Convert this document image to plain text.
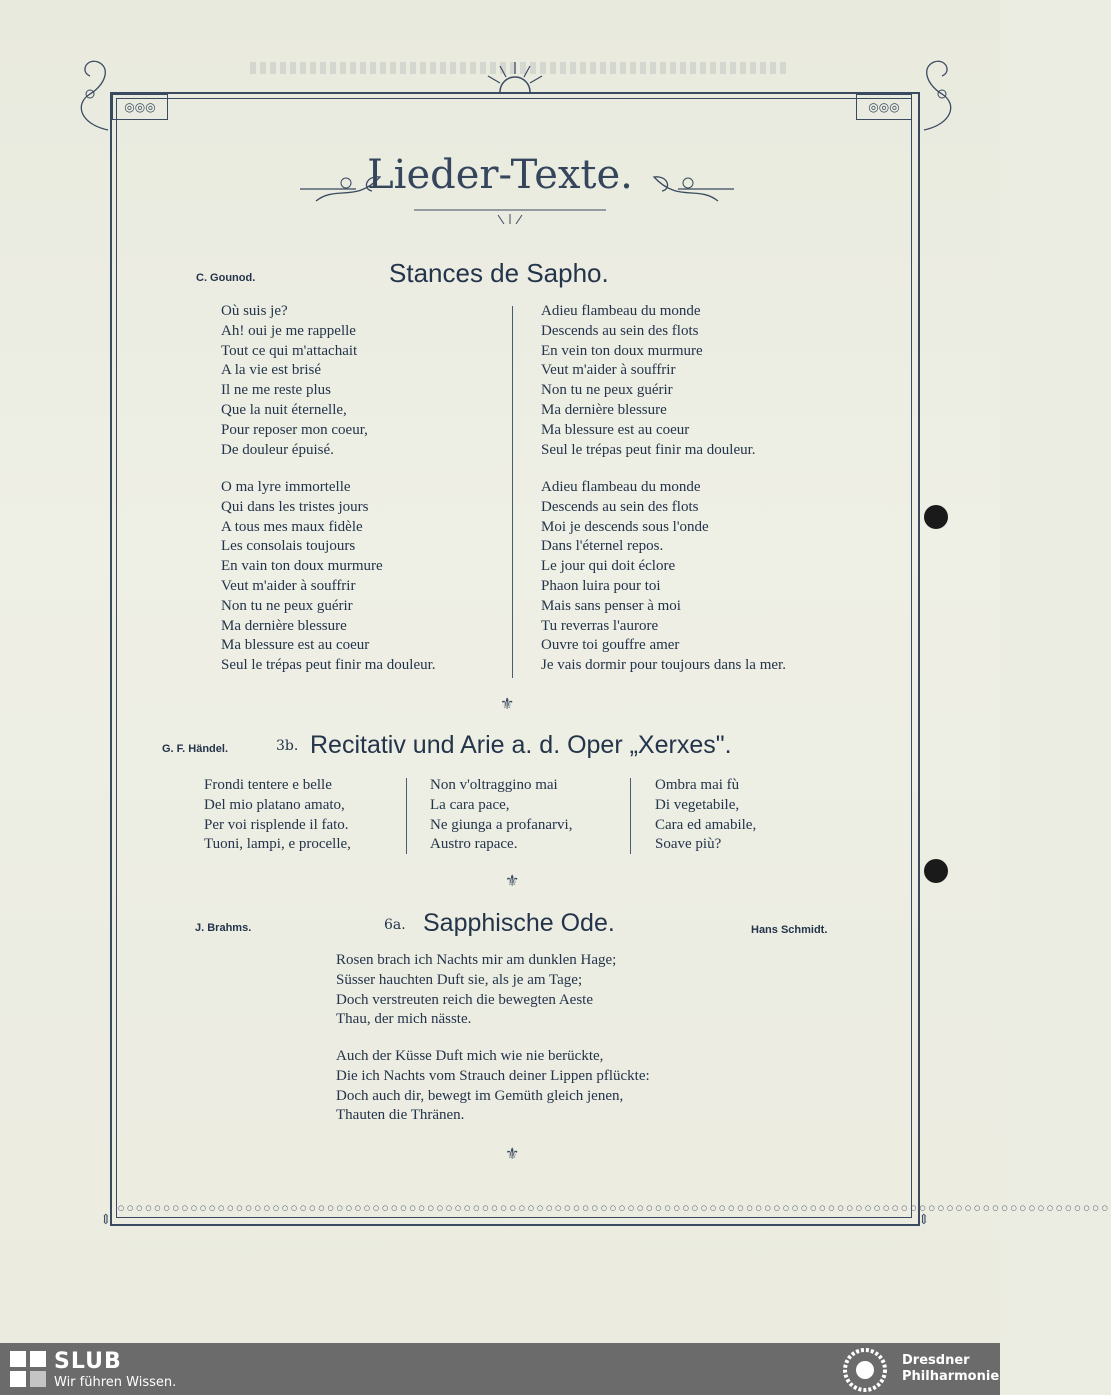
◎◎◎	◎◎◎
○○○○○○○○○○○○○○○○○○○○○○○○○○○○○○○○○○○○○○○○○○○○○○○○○○○○○○○○○○○○○○○○○○○○○○○○○○○○○○○○○○○○○○○○○○○○○○○○○○○○○○○○○○○○○
⇕	⇕
Lieder-Texte.
C. Gounod.	Stances de Sapho.
Où suis je?
Ah! oui je me rappelle
Tout ce qui m'attachait
A la vie est brisé
Il ne me reste plus
Que la nuit éternelle,
Pour reposer mon coeur,
De douleur épuisé.
O ma lyre immortelle
Qui dans les tristes jours
A tous mes maux fidèle
Les consolais toujours
En vain ton doux murmure
Veut m'aider à souffrir
Non tu ne peux guérir
Ma dernière blessure
Ma blessure est au coeur
Seul le trépas peut finir ma douleur.
Adieu flambeau du monde
Descends au sein des flots
En vein ton doux murmure
Veut m'aider à souffrir
Non tu ne peux guérir
Ma dernière blessure
Ma blessure est au coeur
Seul le trépas peut finir ma douleur.
Adieu flambeau du monde
Descends au sein des flots
Moi je descends sous l'onde
Dans l'éternel repos.
Le jour qui doit éclore
Phaon luira pour toi
Mais sans penser à moi
Tu reverras l'aurore
Ouvre toi gouffre amer
Je vais dormir pour toujours dans la mer.
⚜
G. F. Händel.	3b. Recitativ und Arie a. d. Oper „Xerxes".
Frondi tentere e belle
Del mio platano amato,
Per voi risplende il fato.
Tuoni, lampi, e procelle,
Non v'oltraggino mai
La cara pace,
Ne giunga a profanarvi,
Austro rapace.
Ombra mai fù
Di vegetabile,
Cara ed amabile,
Soave più?
⚜
J. Brahms.	6a. Sapphische Ode.	Hans Schmidt.
Rosen brach ich Nachts mir am dunklen Hage;
Süsser hauchten Duft sie, als je am Tage;
Doch verstreuten reich die bewegten Aeste
Thau, der mich nässte.
Auch der Küsse Duft mich wie nie berückte,
Die ich Nachts vom Strauch deiner Lippen pflückte:
Doch auch dir, bewegt im Gemüth gleich jenen,
Thauten die Thränen.
⚜
SLUB
Wir führen Wissen.
Dresdner
Philharmonie
